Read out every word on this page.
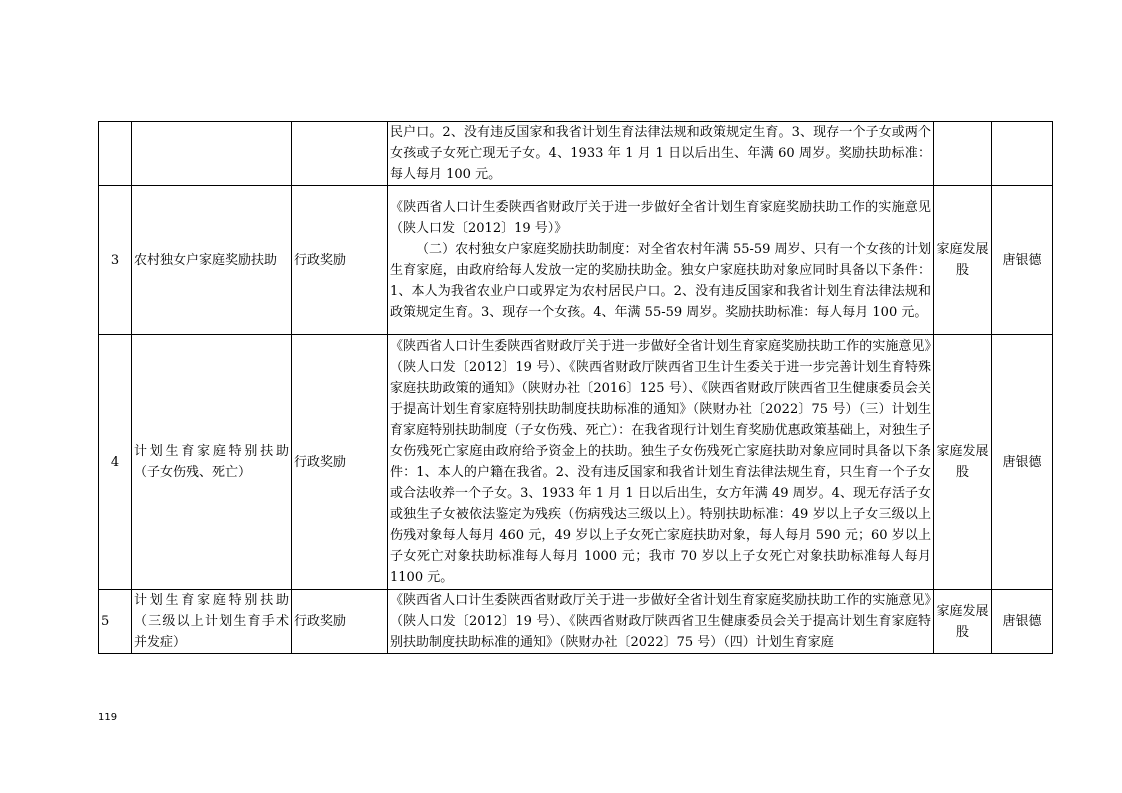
			民户口。2、没有违反国家和我省计划生育法律法规和政策规定生育。3、现存一个子女或两个女孩或子女死亡现无子女。4、1933 年 1 月 1 日以后出生、年满 60 周岁。奖励扶助标准：每人每月 100 元。		
3	农村独女户家庭奖励扶助	行政奖励	《陕西省人口计生委陕西省财政厅关于进一步做好全省计划生育家庭奖励扶助工作的实施意见（陕人口发〔2012〕19 号）》
（二）农村独女户家庭奖励扶助制度：对全省农村年满 55-59 周岁、只有一个女孩的计划生育家庭，由政府给每人发放一定的奖励扶助金。独女户家庭扶助对象应同时具备以下条件：1、本人为我省农业户口或界定为农村居民户口。2、没有违反国家和我省计划生育法律法规和政策规定生育。3、现存一个女孩。4、年满 55-59 周岁。奖励扶助标准：每人每月 100 元。	家庭发展股	唐银德
4	计划生育家庭特别扶助（子女伤残、死亡）	行政奖励	《陕西省人口计生委陕西省财政厅关于进一步做好全省计划生育家庭奖励扶助工作的实施意见》（陕人口发〔2012〕19 号）、《陕西省财政厅陕西省卫生计生委关于进一步完善计划生育特殊家庭扶助政策的通知》（陕财办社〔2016〕125 号）、《陕西省财政厅陕西省卫生健康委员会关于提高计划生育家庭特别扶助制度扶助标准的通知》（陕财办社〔2022〕75 号）（三）计划生育家庭特别扶助制度（子女伤残、死亡）：在我省现行计划生育奖励优惠政策基础上，对独生子女伤残死亡家庭由政府给予资金上的扶助。独生子女伤残死亡家庭扶助对象应同时具备以下条件：1、本人的户籍在我省。2、没有违反国家和我省计划生育法律法规生育，只生育一个子女或合法收养一个子女。3、1933 年 1 月 1 日以后出生，女方年满 49 周岁。4、现无存活子女或独生子女被依法鉴定为残疾（伤病残达三级以上）。特别扶助标准：49 岁以上子女三级以上伤残对象每人每月 460 元，49 岁以上子女死亡家庭扶助对象，每人每月 590 元；60 岁以上子女死亡对象扶助标准每人每月 1000 元；我市 70 岁以上子女死亡对象扶助标准每人每月 1100 元。	家庭发展股	唐银德
5	计划生育家庭特别扶助（三级以上计划生育手术并发症）	行政奖励	《陕西省人口计生委陕西省财政厅关于进一步做好全省计划生育家庭奖励扶助工作的实施意见》（陕人口发〔2012〕19 号）、《陕西省财政厅陕西省卫生健康委员会关于提高计划生育家庭特别扶助制度扶助标准的通知》（陕财办社〔2022〕75 号）（四）计划生育家庭	家庭发展股	唐银德
119
